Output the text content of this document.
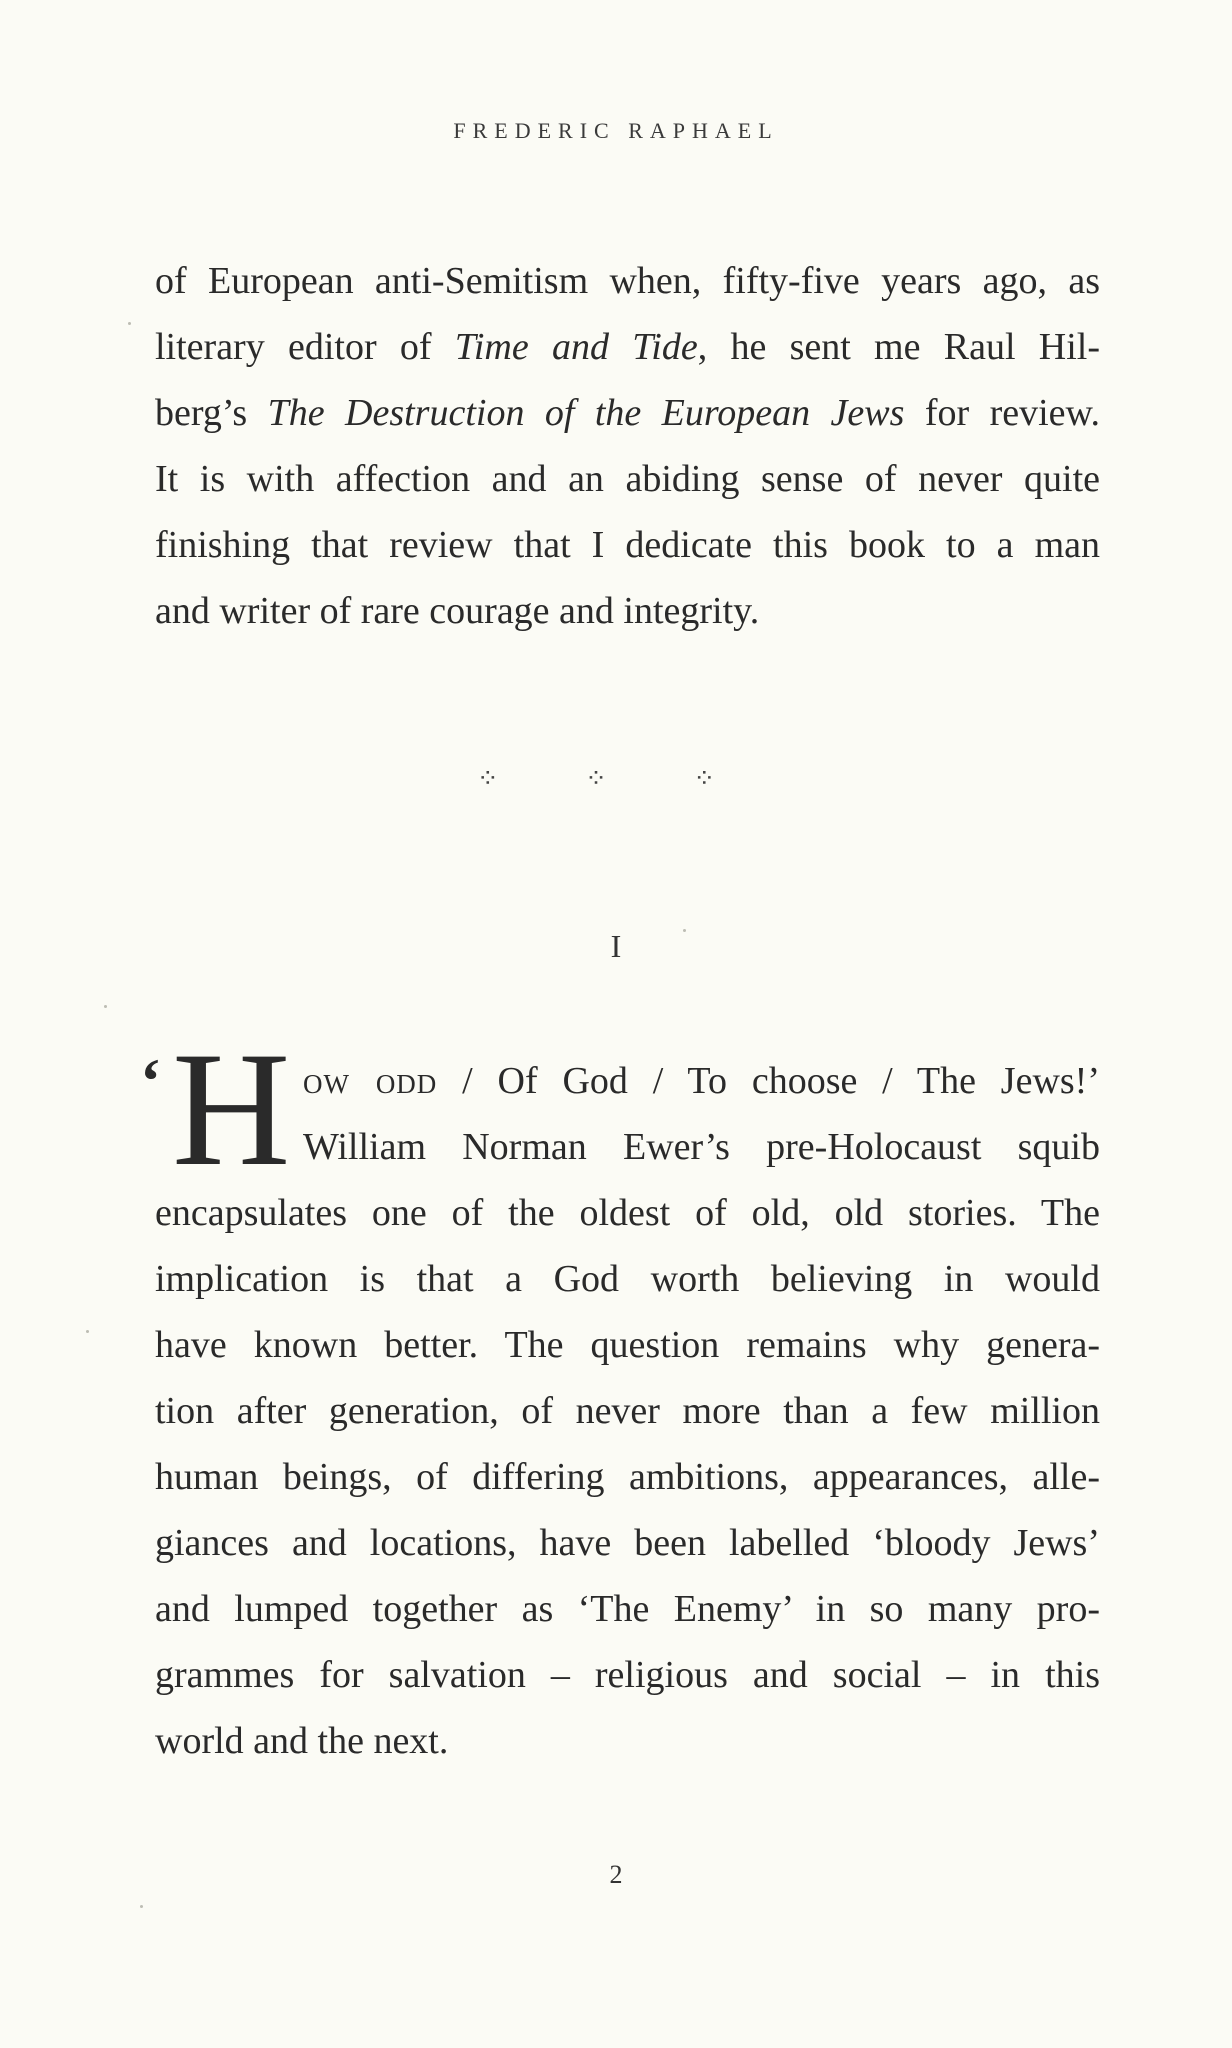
FREDERIC RAPHAEL
of European anti-Semitism when, fifty-five years ago, as
literary editor of Time and Tide, he sent me Raul Hil-
berg’s The Destruction of the European Jews for review.
It is with affection and an abiding sense of never quite
finishing that review that I dedicate this book to a man
and writer of rare courage and integrity.
⁘ ⁘ ⁘
I
‘ H ow odd / Of God / To choose / The Jews!’
William Norman Ewer’s pre-Holocaust squib
encapsulates one of the oldest of old, old stories. The
implication is that a God worth believing in would
have known better. The question remains why genera-
tion after generation, of never more than a few million
human beings, of differing ambitions, appearances, alle-
giances and locations, have been labelled ‘bloody Jews’
and lumped together as ‘The Enemy’ in so many pro-
grammes for salvation – religious and social – in this
world and the next.
2
